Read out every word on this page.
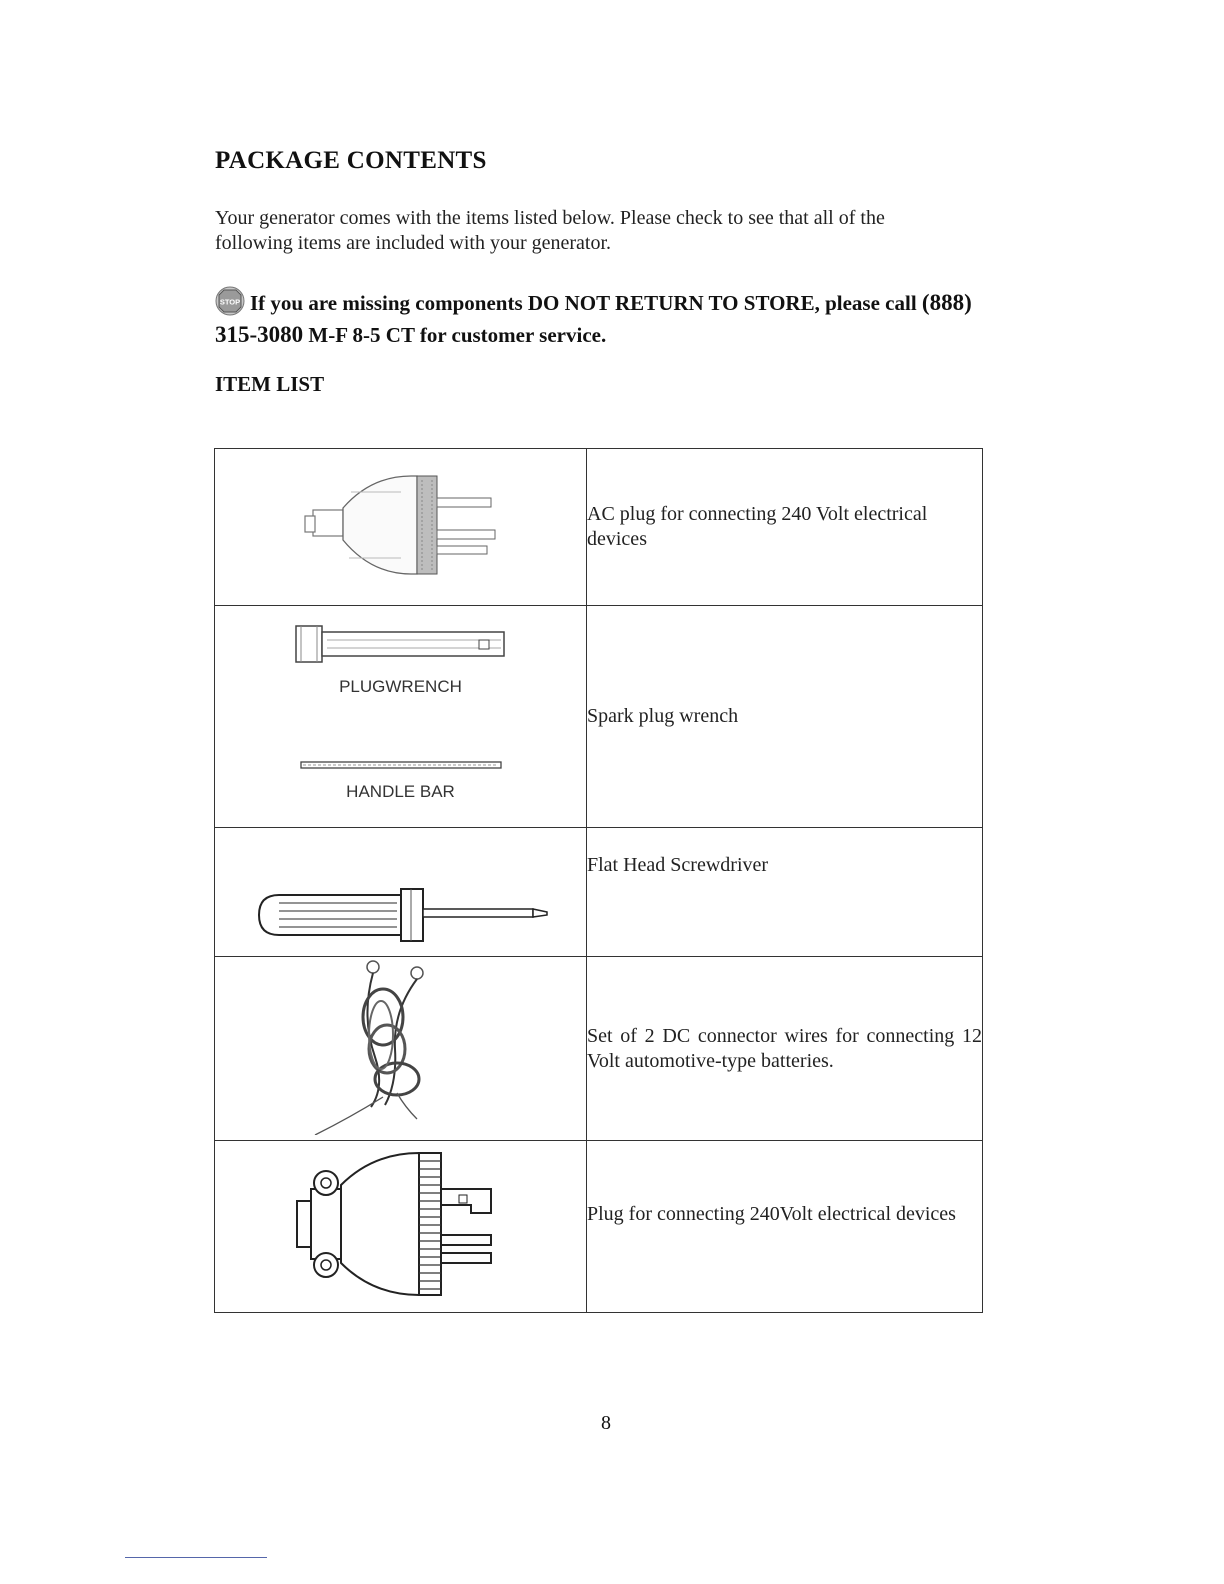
PACKAGE CONTENTS

Your generator comes with the items listed below. Please check to see that all of the
following items are included with your generator.

STOP If you are missing components DO NOT RETURN TO STORE, please call (888)
315-3080 M-F 8-5 CT for customer service.

ITEM LIST
	AC plug for connecting 240 Volt electrical devices

PLUGWRENCH
HANDLE BAR	Spark plug wrench
	Flat Head Screwdriver
	Set of 2 DC connector wires for connecting 12 Volt automotive-type batteries.
	Plug for connecting 240Volt electrical devices

8
